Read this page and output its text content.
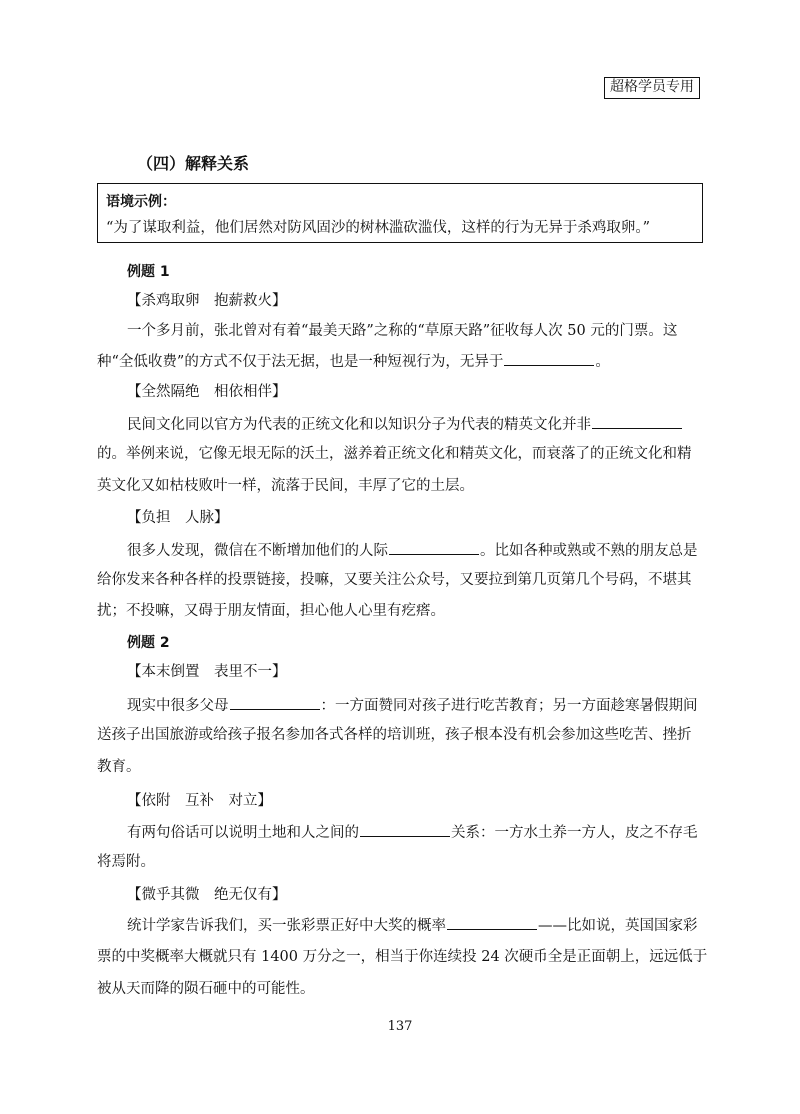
超格学员专用
（四）解释关系
语境示例：
“为了谋取利益，他们居然对防风固沙的树林滥砍滥伐，这样的行为无异于杀鸡取卵。”
例题 1
【杀鸡取卵　抱薪救火】
一个多月前，张北曾对有着“最美天路”之称的“草原天路”征收每人次 50 元的门票。这
种“全低收费”的方式不仅于法无据，也是一种短视行为，无异于	。
【全然隔绝　相依相伴】
民间文化同以官方为代表的正统文化和以知识分子为代表的精英文化并非
的。举例来说，它像无垠无际的沃土，滋养着正统文化和精英文化，而衰落了的正统文化和精
英文化又如枯枝败叶一样，流落于民间，丰厚了它的土层。
【负担　人脉】
很多人发现，微信在不断增加他们的人际	。比如各种或熟或不熟的朋友总是
给你发来各种各样的投票链接，投嘛，又要关注公众号，又要拉到第几页第几个号码，不堪其
扰；不投嘛，又碍于朋友情面，担心他人心里有疙瘩。
例题 2
【本末倒置　表里不一】
现实中很多父母	：一方面赞同对孩子进行吃苦教育；另一方面趁寒暑假期间
送孩子出国旅游或给孩子报名参加各式各样的培训班，孩子根本没有机会参加这些吃苦、挫折
教育。
【依附　互补　对立】
有两句俗话可以说明土地和人之间的	关系：一方水土养一方人，皮之不存毛
将焉附。
【微乎其微　绝无仅有】
统计学家告诉我们，买一张彩票正好中大奖的概率	——比如说，英国国家彩
票的中奖概率大概就只有 1400 万分之一，相当于你连续投 24 次硬币全是正面朝上，远远低于
被从天而降的陨石砸中的可能性。
137
